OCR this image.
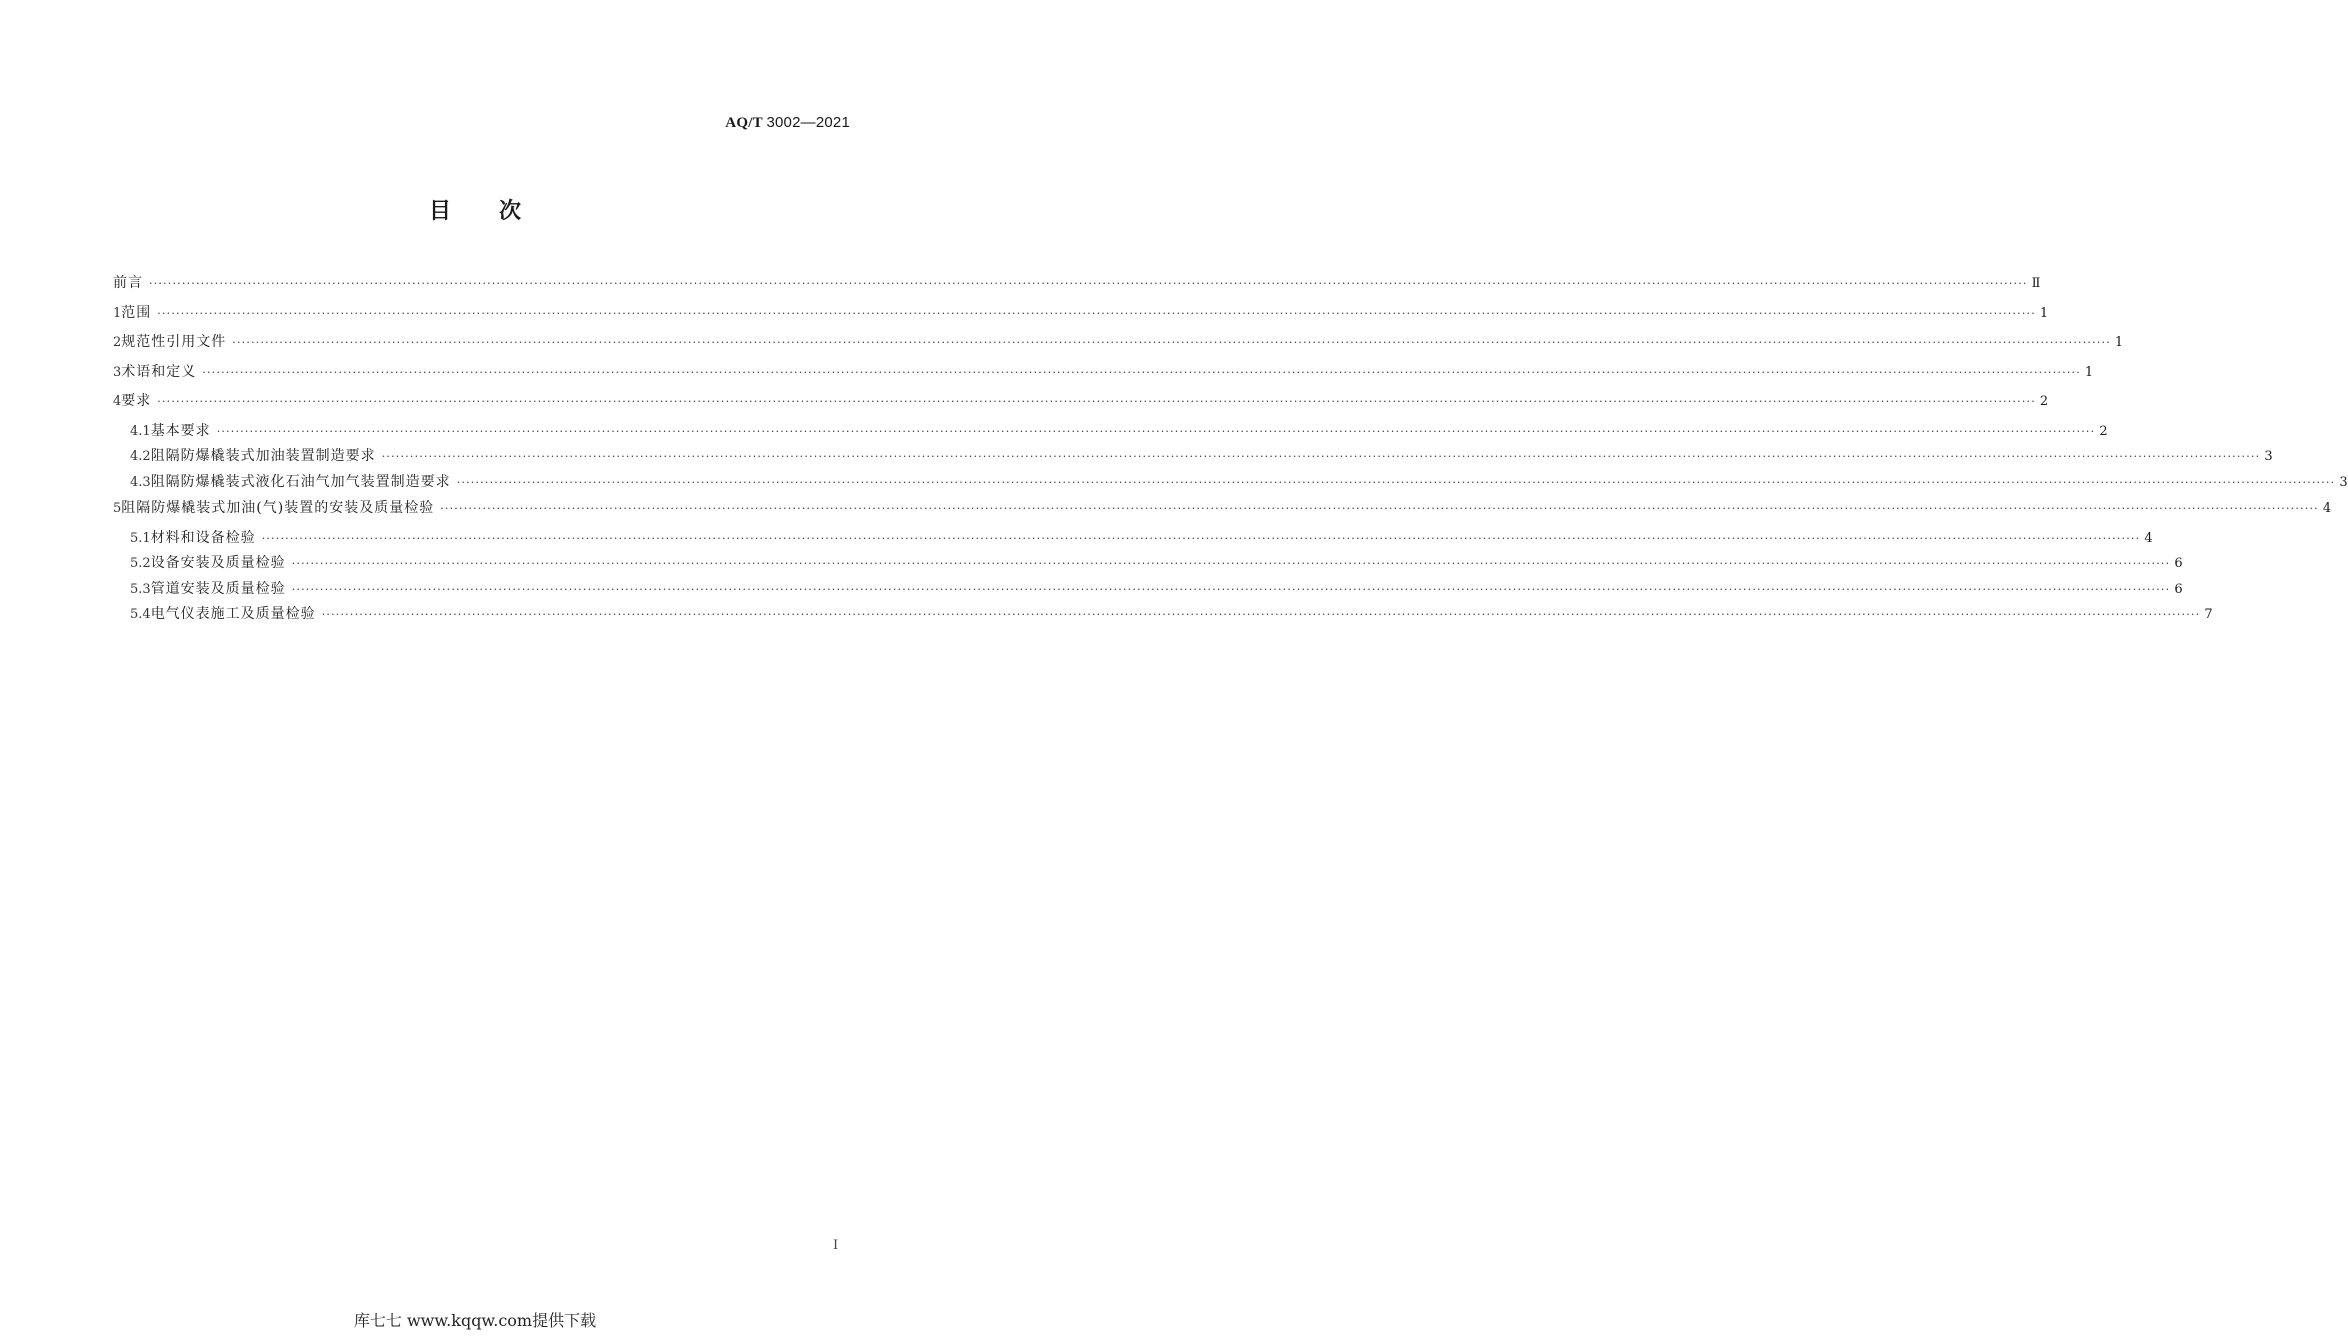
AQ/T 3002—2021
目次
前言 ················································································································································································································································································································································································································ Ⅱ
1 范围 ················································································································································································································································································································································································································ 1
2 规范性引用文件 ················································································································································································································································································································································································································ 1
3 术语和定义 ················································································································································································································································································································································································································ 1
4 要求 ················································································································································································································································································································································································································ 2
4.1 基本要求 ················································································································································································································································································································································································································ 2
4.2 阻隔防爆橇装式加油装置制造要求 ················································································································································································································································································································································································································ 3
4.3 阻隔防爆橇装式液化石油气加气装置制造要求 ················································································································································································································································································································································································································ 3
5 阻隔防爆橇装式加油(气)装置的安装及质量检验 ················································································································································································································································································································································································································ 4
5.1 材料和设备检验 ················································································································································································································································································································································································································ 4
5.2 设备安装及质量检验 ················································································································································································································································································································································································································ 6
5.3 管道安装及质量检验 ················································································································································································································································································································································································································ 6
5.4 电气仪表施工及质量检验 ················································································································································································································································································································································································································ 7
I
库七七 www.kqqw.com提供下载
